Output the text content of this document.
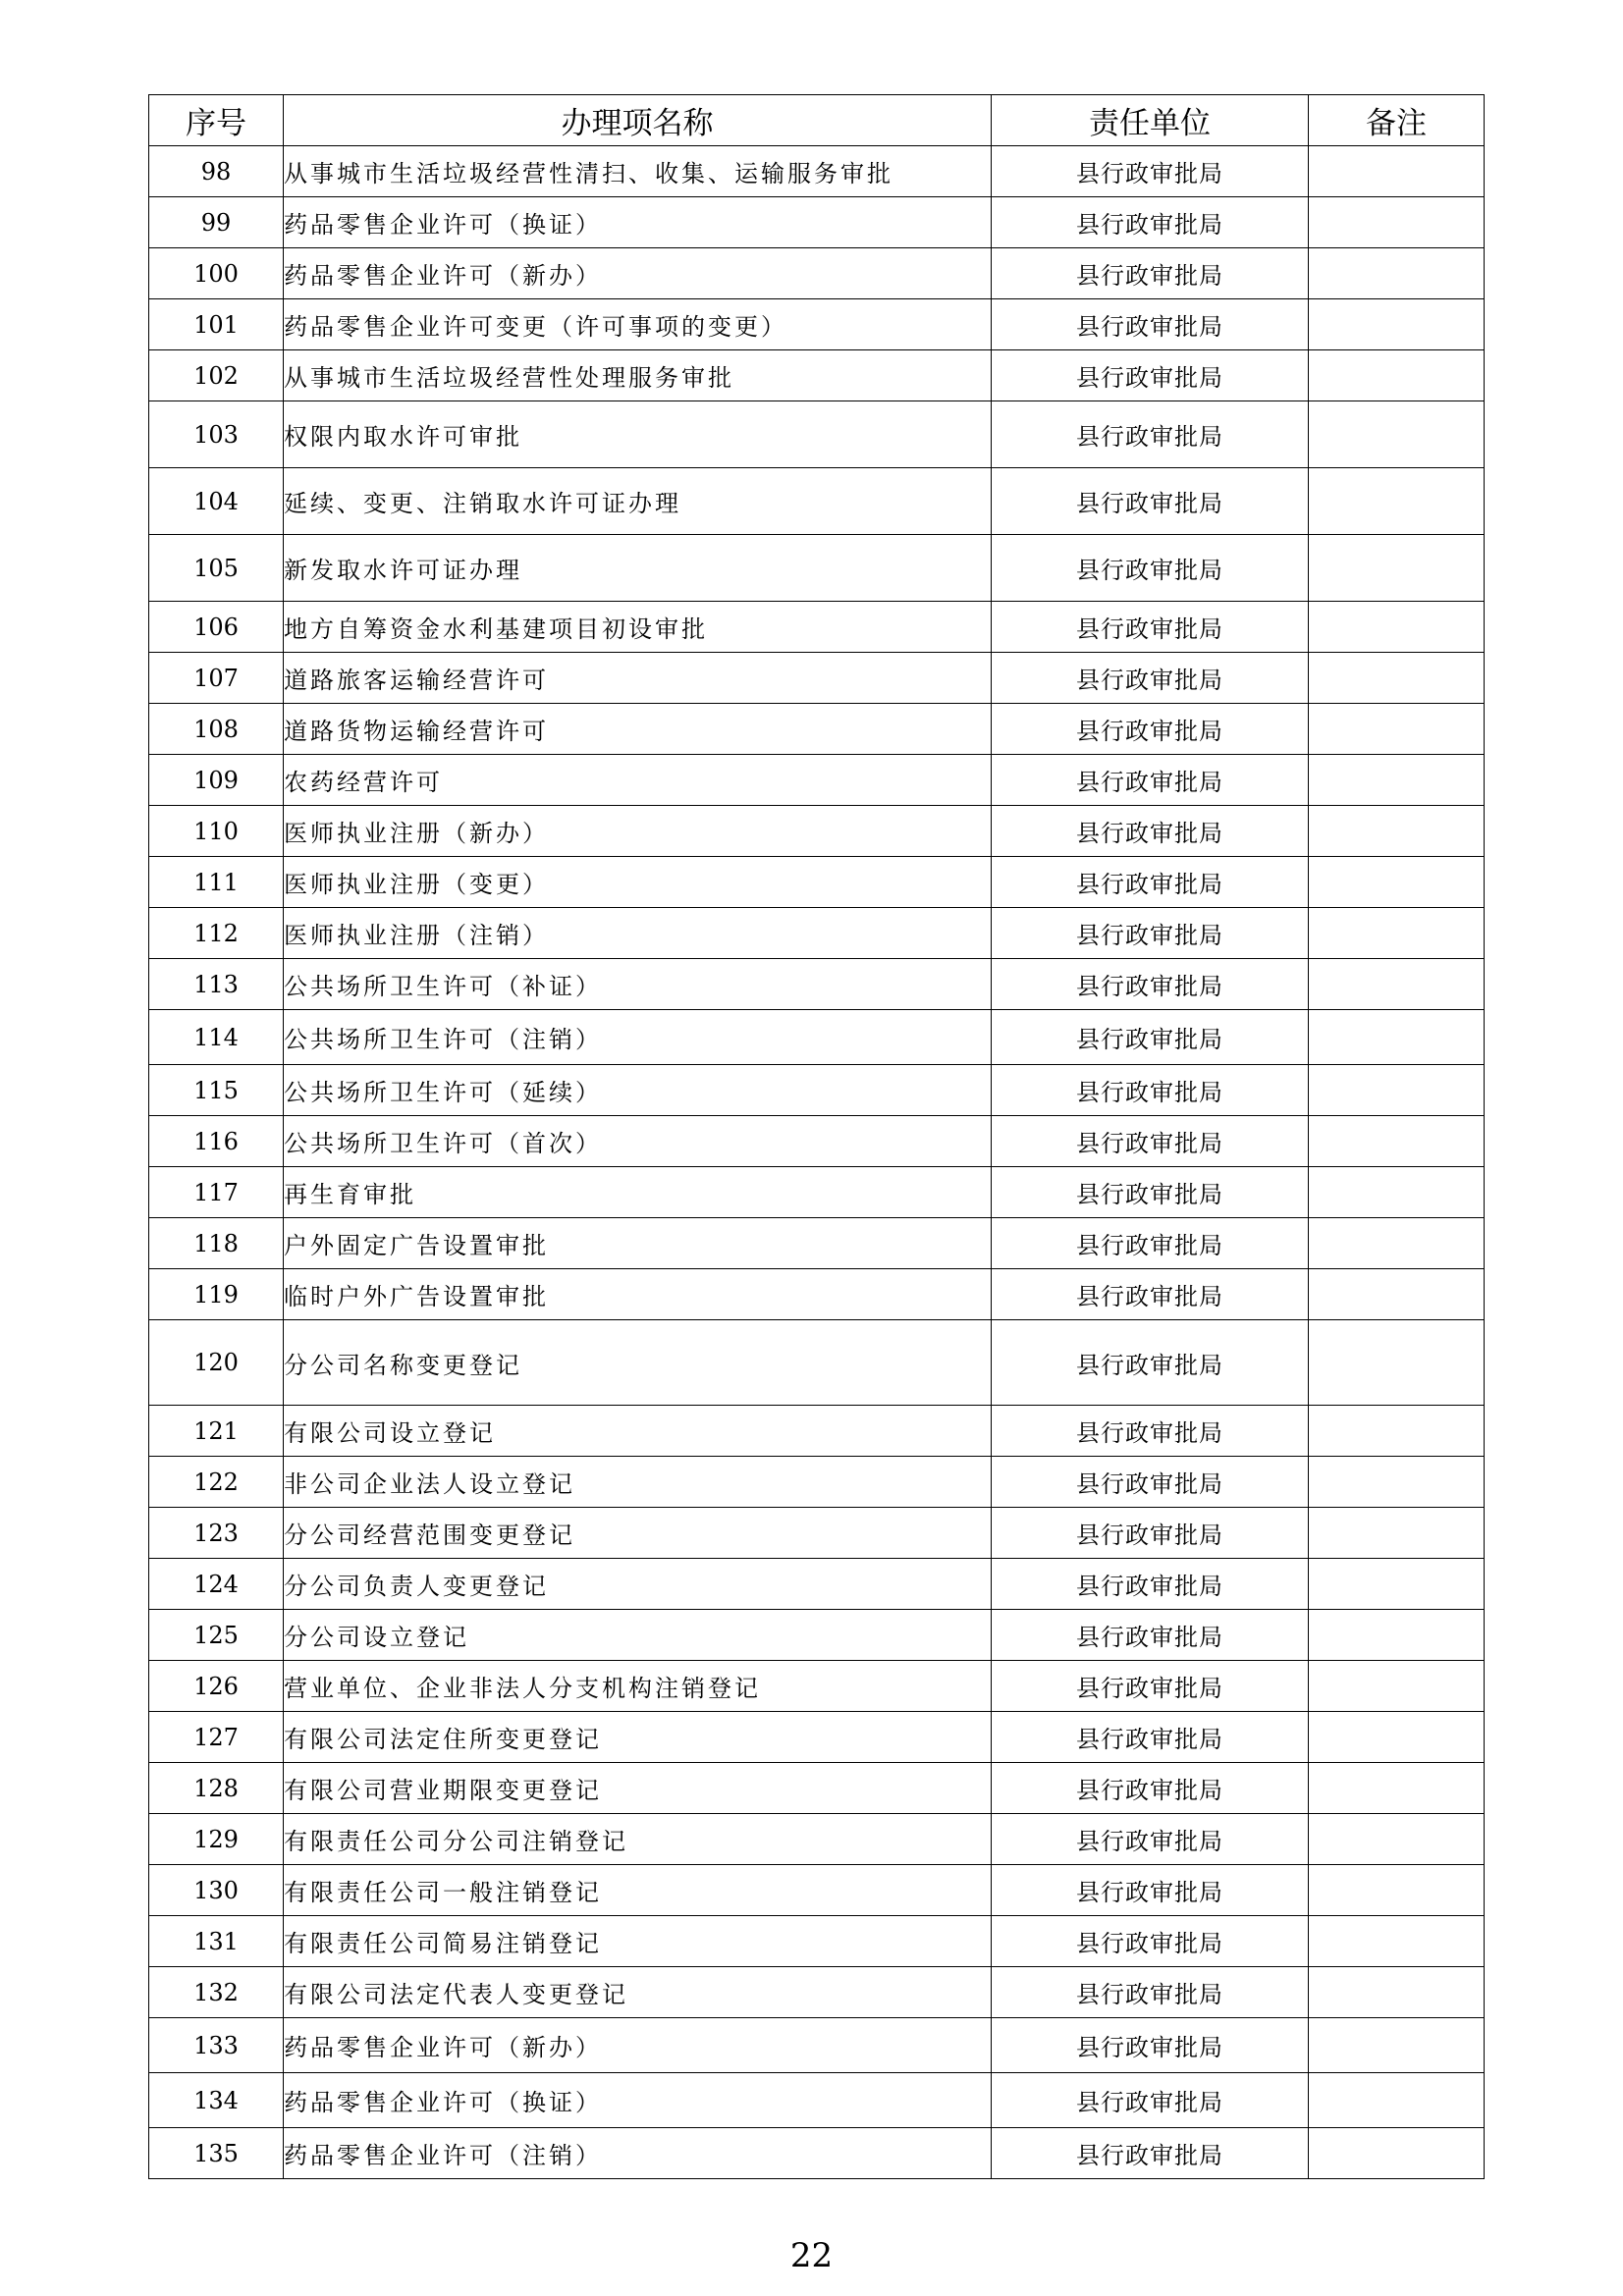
序号	办理项名称	责任单位	备注
98	从事城市生活垃圾经营性清扫、收集、运输服务审批	县行政审批局	
99	药品零售企业许可（换证）	县行政审批局	
100	药品零售企业许可（新办）	县行政审批局	
101	药品零售企业许可变更（许可事项的变更）	县行政审批局	
102	从事城市生活垃圾经营性处理服务审批	县行政审批局	
103	权限内取水许可审批	县行政审批局	
104	延续、变更、注销取水许可证办理	县行政审批局	
105	新发取水许可证办理	县行政审批局	
106	地方自筹资金水利基建项目初设审批	县行政审批局	
107	道路旅客运输经营许可	县行政审批局	
108	道路货物运输经营许可	县行政审批局	
109	农药经营许可	县行政审批局	
110	医师执业注册（新办）	县行政审批局	
111	医师执业注册（变更）	县行政审批局	
112	医师执业注册（注销）	县行政审批局	
113	公共场所卫生许可（补证）	县行政审批局	
114	公共场所卫生许可（注销）	县行政审批局	
115	公共场所卫生许可（延续）	县行政审批局	
116	公共场所卫生许可（首次）	县行政审批局	
117	再生育审批	县行政审批局	
118	户外固定广告设置审批	县行政审批局	
119	临时户外广告设置审批	县行政审批局	
120	分公司名称变更登记	县行政审批局	
121	有限公司设立登记	县行政审批局	
122	非公司企业法人设立登记	县行政审批局	
123	分公司经营范围变更登记	县行政审批局	
124	分公司负责人变更登记	县行政审批局	
125	分公司设立登记	县行政审批局	
126	营业单位、企业非法人分支机构注销登记	县行政审批局	
127	有限公司法定住所变更登记	县行政审批局	
128	有限公司营业期限变更登记	县行政审批局	
129	有限责任公司分公司注销登记	县行政审批局	
130	有限责任公司一般注销登记	县行政审批局	
131	有限责任公司简易注销登记	县行政审批局	
132	有限公司法定代表人变更登记	县行政审批局	
133	药品零售企业许可（新办）	县行政审批局	
134	药品零售企业许可（换证）	县行政审批局	
135	药品零售企业许可（注销）	县行政审批局	
22
